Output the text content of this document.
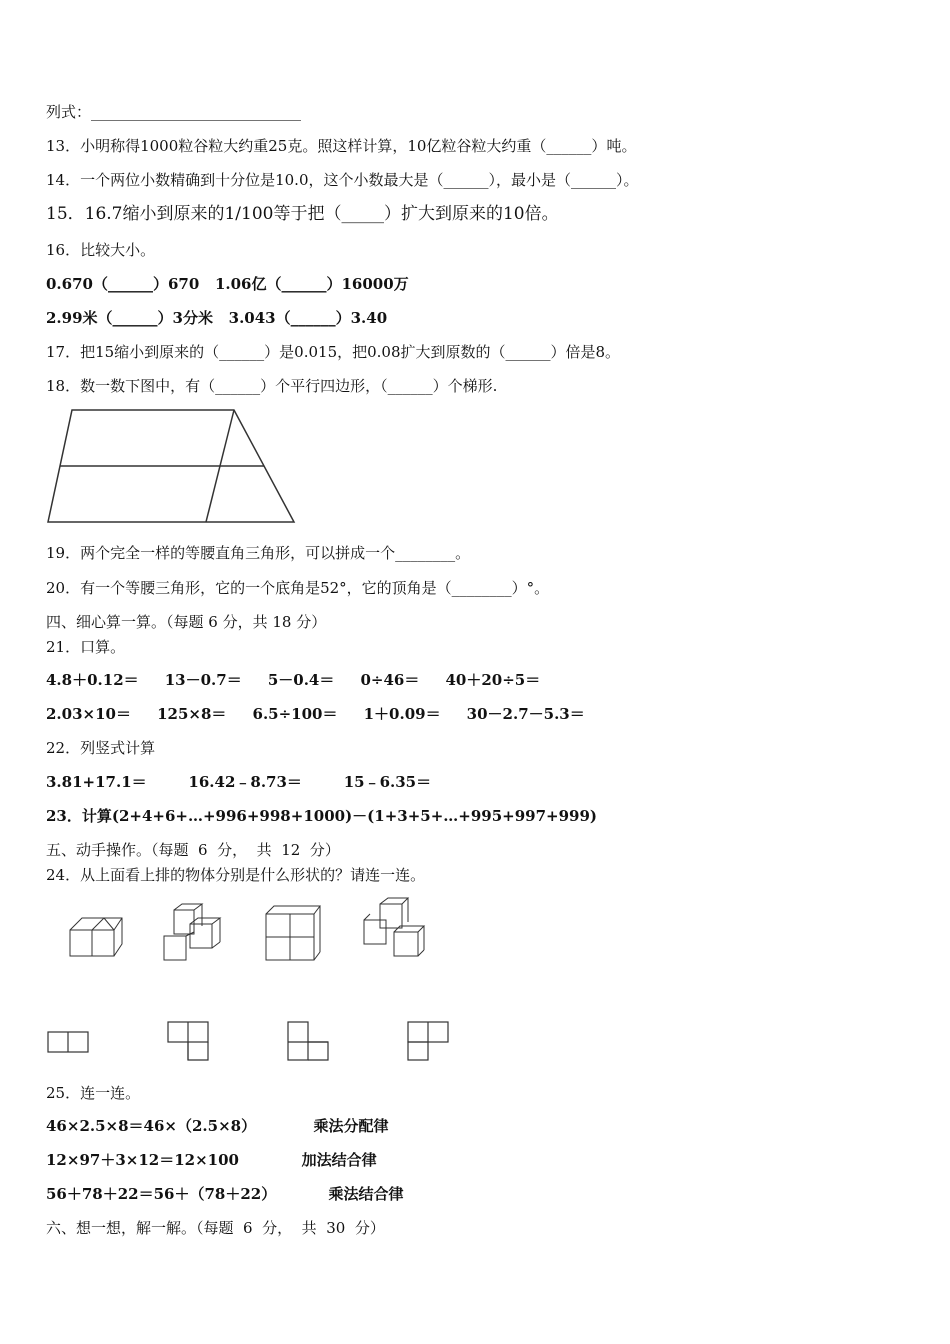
列式：____________________________
13．小明称得1000粒谷粒大约重25克。照这样计算，10亿粒谷粒大约重（______）吨。
14．一个两位小数精确到十分位是10.0，这个小数最大是（______），最小是（______）。
15．16.7缩小到原来的1/100等于把（_____）扩大到原来的10倍。
16．比较大小。
0.670（______）670   1.06亿（______）16000万
2.99米（______）3分米   3.043（______）3.40
17．把15缩小到原来的（______）是0.015，把0.08扩大到原数的（______）倍是8。
18．数一数下图中，有（______）个平行四边形，（______）个梯形.
19．两个完全一样的等腰直角三角形，可以拼成一个________。
20．有一个等腰三角形，它的一个底角是52°，它的顶角是（________）°。
四、细心算一算。（每题 6 分，共 18 分）
21．口算。
4.8＋0.12＝     13－0.7＝     5－0.4＝     0÷46＝     40＋20÷5＝
2.03×10＝     125×8＝     6.5÷100＝     1＋0.09＝     30－2.7－5.3＝
22．列竖式计算
3.81+17.1＝        16.42﹣8.73＝        15﹣6.35＝
23．计算(2+4+6+…+996+998+1000)－(1+3+5+…+995+997+999)
五、动手操作。（每题  6  分，  共  12  分）
24．从上面看上排的物体分别是什么形状的？请连一连。
25．连一连。
46×2.5×8＝46×（2.5×8）           乘法分配律
12×97＋3×12＝12×100            加法结合律
56＋78＋22＝56＋（78＋22）          乘法结合律
六、想一想，解一解。（每题  6  分，  共  30  分）
